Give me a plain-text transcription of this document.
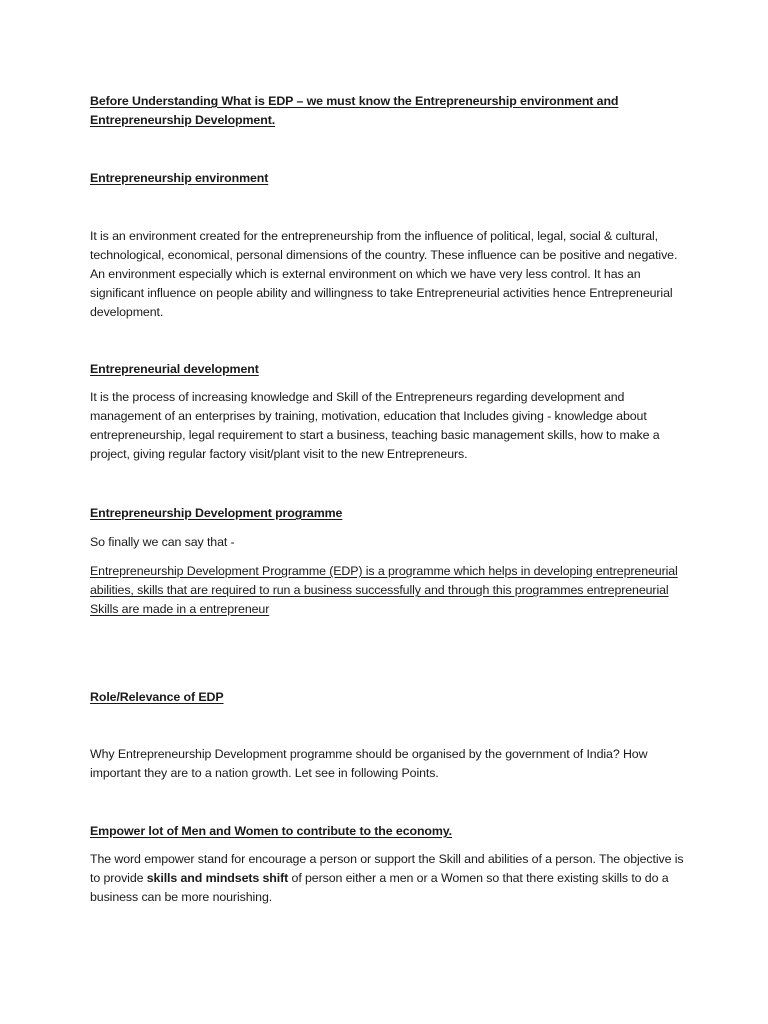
Before Understanding What is EDP – we must know the Entrepreneurship environment and Entrepreneurship Development.

Entrepreneurship environment

It is an environment created for the entrepreneurship from the influence of political, legal, social & cultural, technological, economical, personal dimensions of the country. These influence can be positive and negative. An environment especially which is external environment on which we have very less control. It has an significant influence on people ability and willingness to take Entrepreneurial activities hence Entrepreneurial development.

Entrepreneurial development

It is the process of increasing knowledge and Skill of the Entrepreneurs regarding development and management of an enterprises by training, motivation, education that Includes giving - knowledge about entrepreneurship, legal requirement to start a business, teaching basic management skills, how to make a project, giving regular factory visit/plant visit to the new Entrepreneurs.

Entrepreneurship Development programme

So finally we can say that -

Entrepreneurship Development Programme (EDP) is a programme which helps in developing entrepreneurial abilities, skills that are required to run a business successfully and through this programmes entrepreneurial Skills are made in a entrepreneur

Role/Relevance of EDP

Why Entrepreneurship Development programme should be organised by the government of India? How important they are to a nation growth. Let see in following Points.

Empower lot of Men and Women to contribute to the economy.

The word empower stand for encourage a person or support the Skill and abilities of a person. The objective is to provide skills and mindsets shift of person either a men or a Women so that there existing skills to do a business can be more nourishing.
